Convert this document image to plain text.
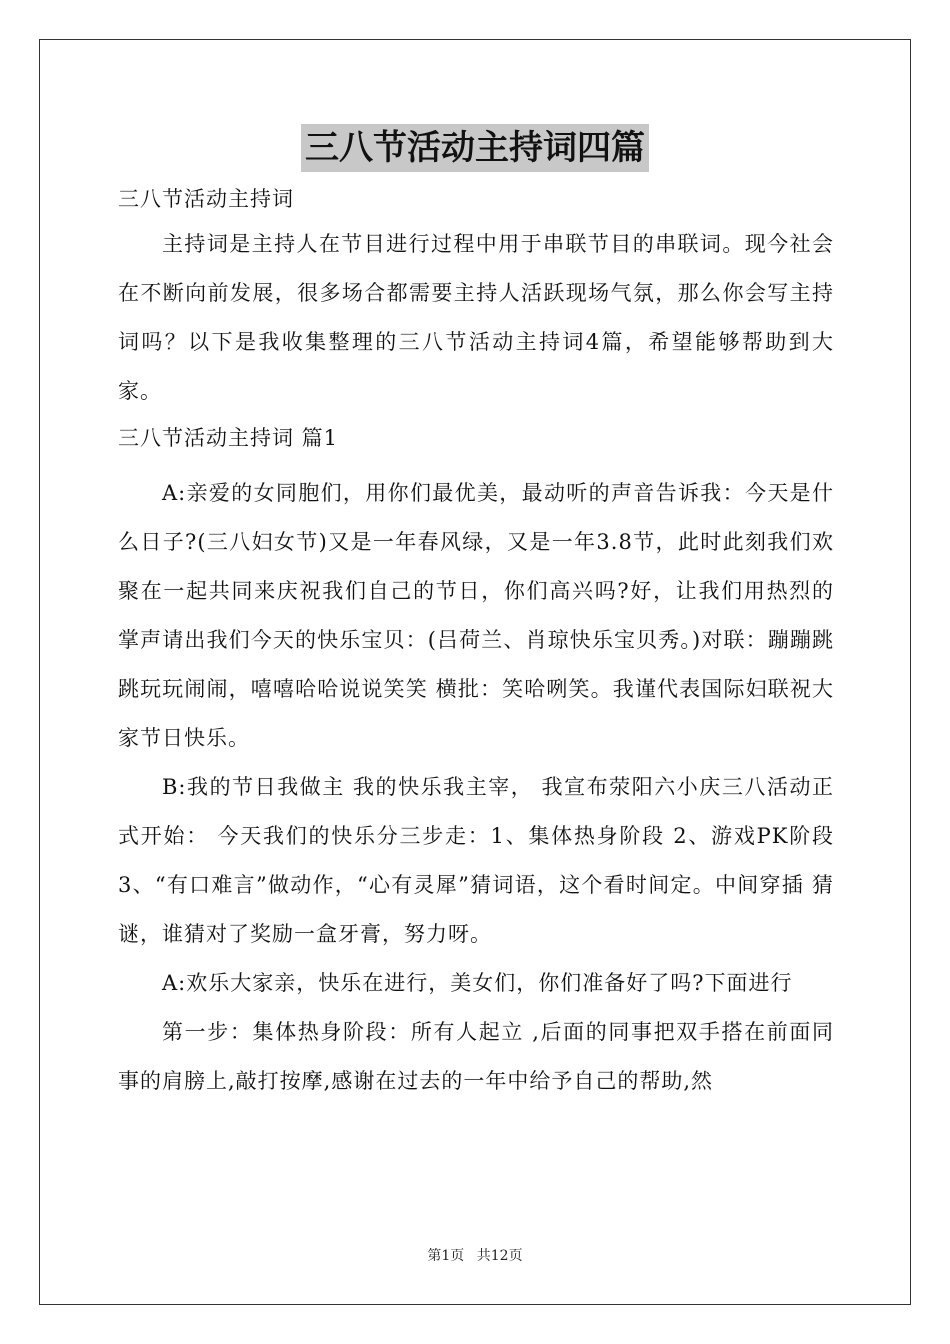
三八节活动主持词四篇

三八节活动主持词

主持词是主持人在节目进行过程中用于串联节目的串联词。现今社会在不断向前发展，很多场合都需要主持人活跃现场气氛，那么你会写主持词吗？以下是我收集整理的三八节活动主持词4篇，希望能够帮助到大家。

三八节活动主持词 篇1

A:亲爱的女同胞们，用你们最优美，最动听的声音告诉我：今天是什么日子?(三八妇女节)又是一年春风绿，又是一年3.8节，此时此刻我们欢聚在一起共同来庆祝我们自己的节日，你们高兴吗?好，让我们用热烈的掌声请出我们今天的快乐宝贝：(吕荷兰、肖琼快乐宝贝秀。)对联：蹦蹦跳跳玩玩闹闹，嘻嘻哈哈说说笑笑 横批：笑哈咧笑。我谨代表国际妇联祝大家节日快乐。

B:我的节日我做主 我的快乐我主宰， 我宣布荥阳六小庆三八活动正式开始： 今天我们的快乐分三步走：1、集体热身阶段 2、游戏PK阶段 3、“有口难言”做动作，“心有灵犀”猜词语，这个看时间定。中间穿插 猜谜，谁猜对了奖励一盒牙膏，努力呀。

A:欢乐大家亲，快乐在进行，美女们，你们准备好了吗?下面进行

第一步：集体热身阶段：所有人起立 ,后面的同事把双手搭在前面同事的肩膀上,敲打按摩,感谢在过去的一年中给予自己的帮助,然

第1页 共12页
